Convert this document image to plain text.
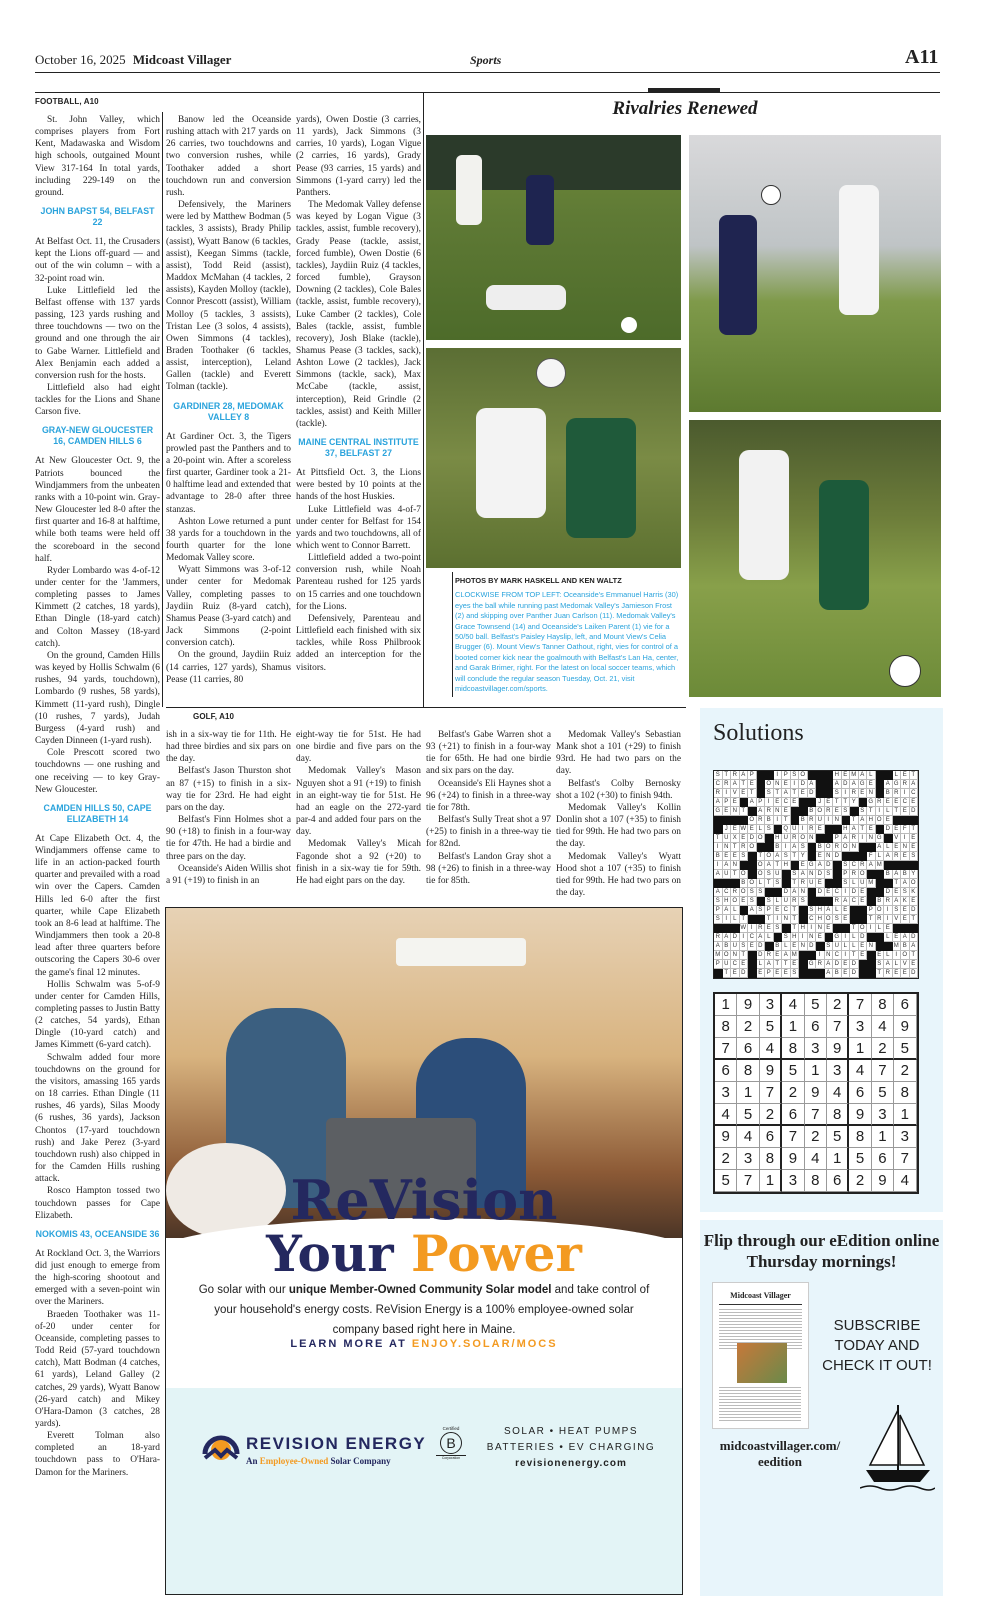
October 16, 2025 Midcoast Villager	Sports	A11
FOOTBALL, A10

St. John Valley, which comprises players from Fort Kent, Madawaska and Wisdom high schools, outgained Mount View 317-164 In total yards, including 229-149 on the ground.

JOHN BAPST 54, BELFAST 22

At Belfast Oct. 11, the Crusaders kept the Lions off-guard — and out of the win column – with a 32-point road win.

Luke Littlefield led the Belfast offense with 137 yards passing, 123 yards rushing and three touchdowns — two on the ground and one through the air to Gabe Warner. Littlefield and Alex Benjamin each added a conversion rush for the hosts.

Littlefield also had eight tackles for the Lions and Shane Carson five.

GRAY-NEW GLOUCESTER 16, CAMDEN HILLS 6

At New Gloucester Oct. 9, the Patriots bounced the Windjammers from the unbeaten ranks with a 10-point win. Gray-New Gloucester led 8-0 after the first quarter and 16-8 at halftime, while both teams were held off the scoreboard in the second half.

Ryder Lombardo was 4-of-12 under center for the 'Jammers, completing passes to James Kimmett (2 catches, 18 yards), Ethan Dingle (18-yard catch) and Colton Massey (18-yard catch).

On the ground, Camden Hills was keyed by Hollis Schwalm (6 rushes, 94 yards, touchdown), Lombardo (9 rushes, 58 yards), Kimmett (11-yard rush), Dingle (10 rushes, 7 yards), Judah Burgess (4-yard rush) and Cayden Dinneen (1-yard rush).

Cole Prescott scored two touchdowns — one rushing and one receiving — to key Gray-New Gloucester.

CAMDEN HILLS 50, CAPE ELIZABETH 14

At Cape Elizabeth Oct. 4, the Windjammers offense came to life in an action-packed fourth quarter and prevailed with a road win over the Capers. Camden Hills led 6-0 after the first quarter, while Cape Elizabeth took an 8-6 lead at halftime. The Windjammers then took a 20-8 lead after three quarters before outscoring the Capers 30-6 over the game's final 12 minutes.

Hollis Schwalm was 5-of-9 under center for Camden Hills, completing passes to Justin Batty (2 catches, 54 yards), Ethan Dingle (10-yard catch) and James Kimmett (6-yard catch).

Schwalm added four more touchdowns on the ground for the visitors, amassing 165 yards on 18 carries. Ethan Dingle (11 rushes, 46 yards), Silas Moody (6 rushes, 36 yards), Jackson Chontos (17-yard touchdown rush) and Jake Perez (3-yard touchdown rush) also chipped in for the Camden Hills rushing attack.

Rosco Hampton tossed two touchdown passes for Cape Elizabeth.

NOKOMIS 43, OCEANSIDE 36

At Rockland Oct. 3, the Warriors did just enough to emerge from the high-scoring shootout and emerged with a seven-point win over the Mariners.

Braeden Toothaker was 11-of-20 under center for Oceanside, completing passes to Todd Reid (57-yard touchdown catch), Matt Bodman (4 catches, 61 yards), Leland Galley (2 catches, 29 yards), Wyatt Banow (26-yard catch) and Mikey O'Hara-Damon (3 catches, 28 yards).

Everett Tolman also completed an 18-yard touchdown pass to O'Hara-Damon for the Mariners.

Banow led the Oceanside rushing attach with 217 yards on 26 carries, two touchdowns and two conversion rushes, while Toothaker added a short touchdown run and conversion rush.

Defensively, the Mariners were led by Matthew Bodman (5 tackles, 3 assists), Brady Philip (assist), Wyatt Banow (6 tackles, assist), Keegan Simms (tackle, assist), Todd Reid (assist), Maddox McMahan (4 tackles, 2 assists), Kayden Molloy (tackle), Connor Prescott (assist), William Molloy (5 tackles, 3 assists), Tristan Lee (3 solos, 4 assists), Owen Simmons (4 tackles), Braden Toothaker (6 tackles, assist, interception), Leland Gallen (tackle) and Everett Tolman (tackle).

GARDINER 28, MEDOMAK VALLEY 8

At Gardiner Oct. 3, the Tigers prowled past the Panthers and to a 20-point win. After a scoreless first quarter, Gardiner took a 21-0 halftime lead and extended that advantage to 28-0 after three stanzas.

Ashton Lowe returned a punt 38 yards for a touchdown in the fourth quarter for the lone Medomak Valley score.

Wyatt Simmons was 3-of-12 under center for Medomak Valley, completing passes to Jaydiin Ruiz (8-yard catch), Shamus Pease (3-yard catch) and Jack Simmons (2-point conversion catch).

On the ground, Jaydiin Ruiz (14 carries, 127 yards), Shamus Pease (11 carries, 80

yards), Owen Dostie (3 carries, 11 yards), Jack Simmons (3 carries, 10 yards), Logan Vigue (2 carries, 16 yards), Grady Pease (93 carries, 15 yards) and Simmons (1-yard carry) led the Panthers.

The Medomak Valley defense was keyed by Logan Vigue (3 tackles, assist, fumble recovery), Grady Pease (tackle, assist, forced fumble), Owen Dostie (6 tackles), Jaydiin Ruiz (4 tackles, forced fumble), Grayson Downing (2 tackles), Cole Bales (tackle, assist, fumble recovery), Luke Camber (2 tackles), Cole Bales (tackle, assist, fumble recovery), Josh Blake (tackle), Shamus Pease (3 tackles, sack), Ashton Lowe (2 tackles), Jack Simmons (tackle, sack), Max McCabe (tackle, assist, interception), Reid Grindle (2 tackles, assist) and Keith Miller (tackle).

MAINE CENTRAL INSTITUTE 37, BELFAST 27

At Pittsfield Oct. 3, the Lions were bested by 10 points at the hands of the host Huskies.

Luke Littlefield was 4-of-7 under center for Belfast for 154 yards and two touchdowns, all of which went to Connor Barrett.

Littlefield added a two-point conversion rush, while Noah Parenteau rushed for 125 yards on 15 carries and one touchdown for the Lions.

Defensively, Parenteau and Littlefield each finished with six tackles, while Ross Philbrook added an interception for the visitors.

GOLF, A10

ish in a six-way tie for 11th. He had three birdies and six pars on the day.

Belfast's Jason Thurston shot an 87 (+15) to finish in a six-way tie for 23rd. He had eight pars on the day.

Belfast's Finn Holmes shot a 90 (+18) to finish in a four-way tie for 47th. He had a birdie and three pars on the day.

Oceanside's Aiden Willis shot a 91 (+19) to finish in an

eight-way tie for 51st. He had one birdie and five pars on the day.

Medomak Valley's Mason Nguyen shot a 91 (+19) to finish in an eight-way tie for 51st. He had an eagle on the 272-yard par-4 and added four pars on the day.

Medomak Valley's Micah Fagonde shot a 92 (+20) to finish in a six-way tie for 59th. He had eight pars on the day.

Belfast's Gabe Warren shot a 93 (+21) to finish in a four-way tie for 65th. He had one birdie and six pars on the day.

Oceanside's Eli Haynes shot a 96 (+24) to finish in a three-way tie for 78th.

Belfast's Sully Treat shot a 97 (+25) to finish in a three-way tie for 82nd.

Belfast's Landon Gray shot a 98 (+26) to finish in a three-way tie for 85th.

Medomak Valley's Sebastian Mank shot a 101 (+29) to finish 93rd. He had two pars on the day.

Belfast's Colby Bernosky shot a 102 (+30) to finish 94th.

Medomak Valley's Kollin Donlin shot a 107 (+35) to finish tied for 99th. He had two pars on the day.

Medomak Valley's Wyatt Hood shot a 107 (+35) to finish tied for 99th. He had two pars on the day.

Rivalries Renewed
PHOTOS BY MARK HASKELL AND KEN WALTZ
CLOCKWISE FROM TOP LEFT: Oceanside's Emmanuel Harris (30) eyes the ball while running past Medomak Valley's Jamieson Frost (2) and skipping over Panther Juan Carlson (11). Medomak Valley's Grace Townsend (14) and Oceanside's Laiken Parent (1) vie for a 50/50 ball. Belfast's Paisley Hayslip, left, and Mount View's Celia Brugger (6). Mount View's Tanner Oathout, right, vies for control of a booted corner kick near the goalmouth with Belfast's Lan Ha, center, and Garak Brimer, right. For the latest on local soccer teams, which will conclude the regular season Tuesday, Oct. 21, visit midcoastvillager.com/sports.
Solutions
S T R A P	I P S O	H E M A L	L E T
C R A T E	O N E I D A	A D A G E	A G R A
R I V E T	S T A T E D	S I R E N	B R I C
A P E	A P I E C E	J E T T Y	G R E E C E
G E N T	A R N E	B O R E S	S T I	L T E D
O R B I T	B R U I N	T A H O E
J E W E L S	Q U I R E	H A T E	D E F T
T U X E D O	H U R O N	P A R I N G	V I E
I N T R O	B I A S	B O R O N	A L E N E
B E E S	T O A S T Y	E N D	F L A R E S
I A N	O A T H	E G A D	S C R A M
A U T O	O S U	S A N D S	P R O	B A B Y
B O L T S	T R U E	S L U M	T A O
A C R O S S	D A N	D E C I D E	D E S K
S H O E S	S L U R S	R A C E	B R A K E
P A L	A S P E C T	S H A L E	P O I S E D
S I	L T	T I N T	C H O S E	T R I V E T
W I R E S	T H I N E	T O I	L E
R A D I C A L	S H I N E	G I	L D	L E A D
A B U S E D	B L E N D	S U L L E N	M B A
M O N T	D R E A M	I N C I T E	E L I O T
P U C E	L A T T E	G R A D E D	S A L V E
T E D	E P E E S	A B E D	T R E E D
1 9 3 4 5 2 7 8 6
8 2 5 1 6 7 3 4 9
7 6 4 8 3 9 1 2 5
6 8 9 5 1 3 4 7 2
3 1 7 2 9 4 6 5 8
4 5 2 6 7 8 9 3 1
9 4 6 7 2 5 8 1 3
2 3 8 9 4 1 5 6 7
5 7 1 3 8 6 2 9 4
Flip through our eEdition online Thursday mornings!
Midcoast Villager
SUBSCRIBE TODAY AND CHECK IT OUT!
midcoastvillager.com/ eedition
ReVision
Your Power
Go solar with our unique Member-Owned Community Solar model and take control of your household's energy costs. ReVision Energy is a 100% employee-owned solar company based right here in Maine.
LEARN MORE AT ENJOY.SOLAR/MOCS
REVISION ENERGY
An Employee-Owned Solar Company
Certified
B
Corporation
SOLAR • HEAT PUMPS
BATTERIES • EV CHARGING
revisionenergy.com
